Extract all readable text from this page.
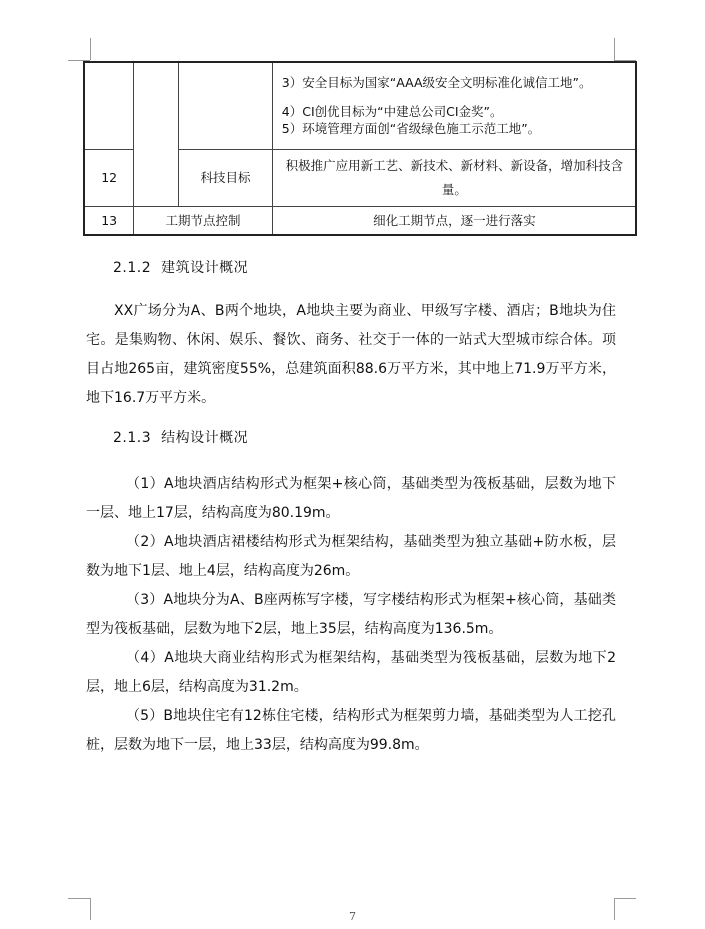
			3）安全目标为国家“AAA级安全文明标准化诚信工地”。

4）CI创优目标为“中建总公司CI金奖”。

5）环境管理方面创“省级绿色施工示范工地”。

12		科技目标	积极推广应用新工艺、新技术、新材料、新设备，增加科技含量。
13	工期节点控制		细化工期节点，逐一进行落实
2.1.2 建筑设计概况

XX广场分为A、B两个地块，A地块主要为商业、甲级写字楼、酒店；B地块为住宅。是集购物、休闲、娱乐、餐饮、商务、社交于一体的一站式大型城市综合体。项目占地265亩，建筑密度55%，总建筑面积88.6万平方米，其中地上71.9万平方米，地下16.7万平方米。

2.1.3 结构设计概况

（1）A地块酒店结构形式为框架+核心筒，基础类型为筏板基础，层数为地下一层、地上17层，结构高度为80.19m。

（2）A地块酒店裙楼结构形式为框架结构，基础类型为独立基础+防水板，层数为地下1层、地上4层，结构高度为26m。

（3）A地块分为A、B座两栋写字楼，写字楼结构形式为框架+核心筒，基础类型为筏板基础，层数为地下2层，地上35层，结构高度为136.5m。

（4）A地块大商业结构形式为框架结构，基础类型为筏板基础，层数为地下2层，地上6层，结构高度为31.2m。

（5）B地块住宅有12栋住宅楼，结构形式为框架剪力墙，基础类型为人工挖孔桩，层数为地下一层，地上33层，结构高度为99.8m。

7
